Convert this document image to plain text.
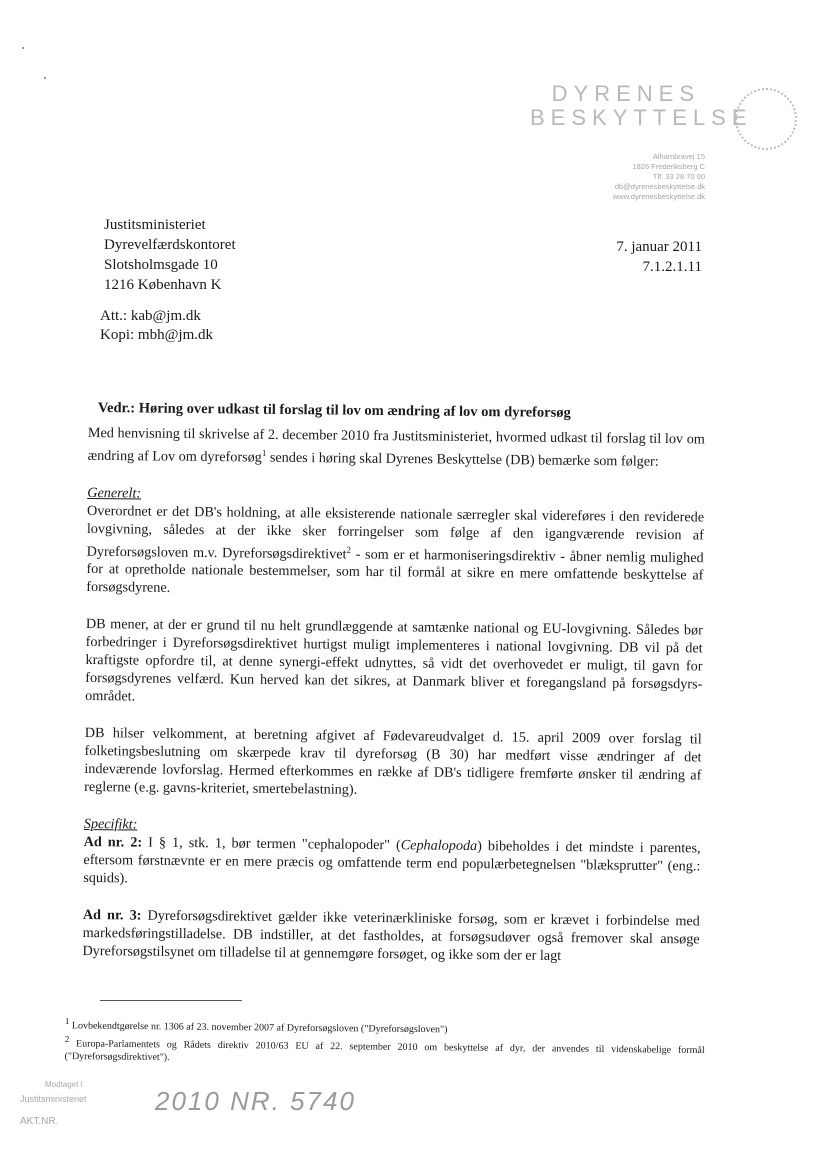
DYRENES BESKYTTELSE
Alhambravej 15
1826 Frederiksberg C
Tlf. 33 28 70 00
db@dyrenesbeskyttelse.dk
www.dyrenesbeskyttelse.dk
Justitsministeriet
Dyrevelfærdskontoret
Slotsholmsgade 10
1216 København K
7. januar 2011
7.1.2.1.11
Att.: kab@jm.dk
Kopi: mbh@jm.dk
Vedr.: Høring over udkast til forslag til lov om ændring af lov om dyreforsøg

Med henvisning til skrivelse af 2. december 2010 fra Justitsministeriet, hvormed udkast til forslag til lov om ændring af Lov om dyreforsøg$^1$ sendes i høring skal Dyrenes Beskyttelse (DB) bemærke som følger:

Generelt:

Overordnet er det DB's holdning, at alle eksisterende nationale særregler skal videreføres i den reviderede lovgivning, således at der ikke sker forringelser som følge af den igangværende revision af Dyreforsøgsloven m.v. Dyreforsøgsdirektivet$^2$ - som er et harmoniseringsdirektiv - åbner nemlig mulighed for at opretholde nationale bestemmelser, som har til formål at sikre en mere omfattende beskyttelse af forsøgsdyrene.

DB mener, at der er grund til nu helt grundlæggende at samtænke national og EU-lovgivning. Således bør forbedringer i Dyreforsøgsdirektivet hurtigst muligt implementeres i national lovgivning. DB vil på det kraftigste opfordre til, at denne synergi-effekt udnyttes, så vidt det overhovedet er muligt, til gavn for forsøgsdyrenes velfærd. Kun herved kan det sikres, at Danmark bliver et foregangsland på forsøgsdyrs-området.

DB hilser velkomment, at beretning afgivet af Fødevareudvalget d. 15. april 2009 over forslag til folketingsbeslutning om skærpede krav til dyreforsøg (B 30) har medført visse ændringer af det indeværende lovforslag. Hermed efterkommes en række af DB's tidligere fremførte ønsker til ændring af reglerne (e.g. gavns-kriteriet, smertebelastning).

Specifikt:

Ad nr. 2: I § 1, stk. 1, bør termen "cephalopoder" (Cephalopoda) bibeholdes i det mindste i parentes, eftersom førstnævnte er en mere præcis og omfattende term end populærbetegnelsen "blæksprutter" (eng.: squids).

Ad nr. 3: Dyreforsøgsdirektivet gælder ikke veterinærkliniske forsøg, som er krævet i forbindelse med markedsføringstilladelse. DB indstiller, at det fastholdes, at forsøgsudøver også fremover skal ansøge Dyreforsøgstilsynet om tilladelse til at gennemgøre forsøget, og ikke som der er lagt

$^1$ Lovbekendtgørelse nr. 1306 af 23. november 2007 af Dyreforsøgsloven ("Dyreforsøgsloven")

$^2$ Europa-Parlamentets og Rådets direktiv 2010/63 EU af 22. september 2010 om beskyttelse af dyr, der anvendes til videnskabelige formål ("Dyreforsøgsdirektivet").

Modtaget i
Justitsministeriet	2010 NR. 5740
AKT.NR.
